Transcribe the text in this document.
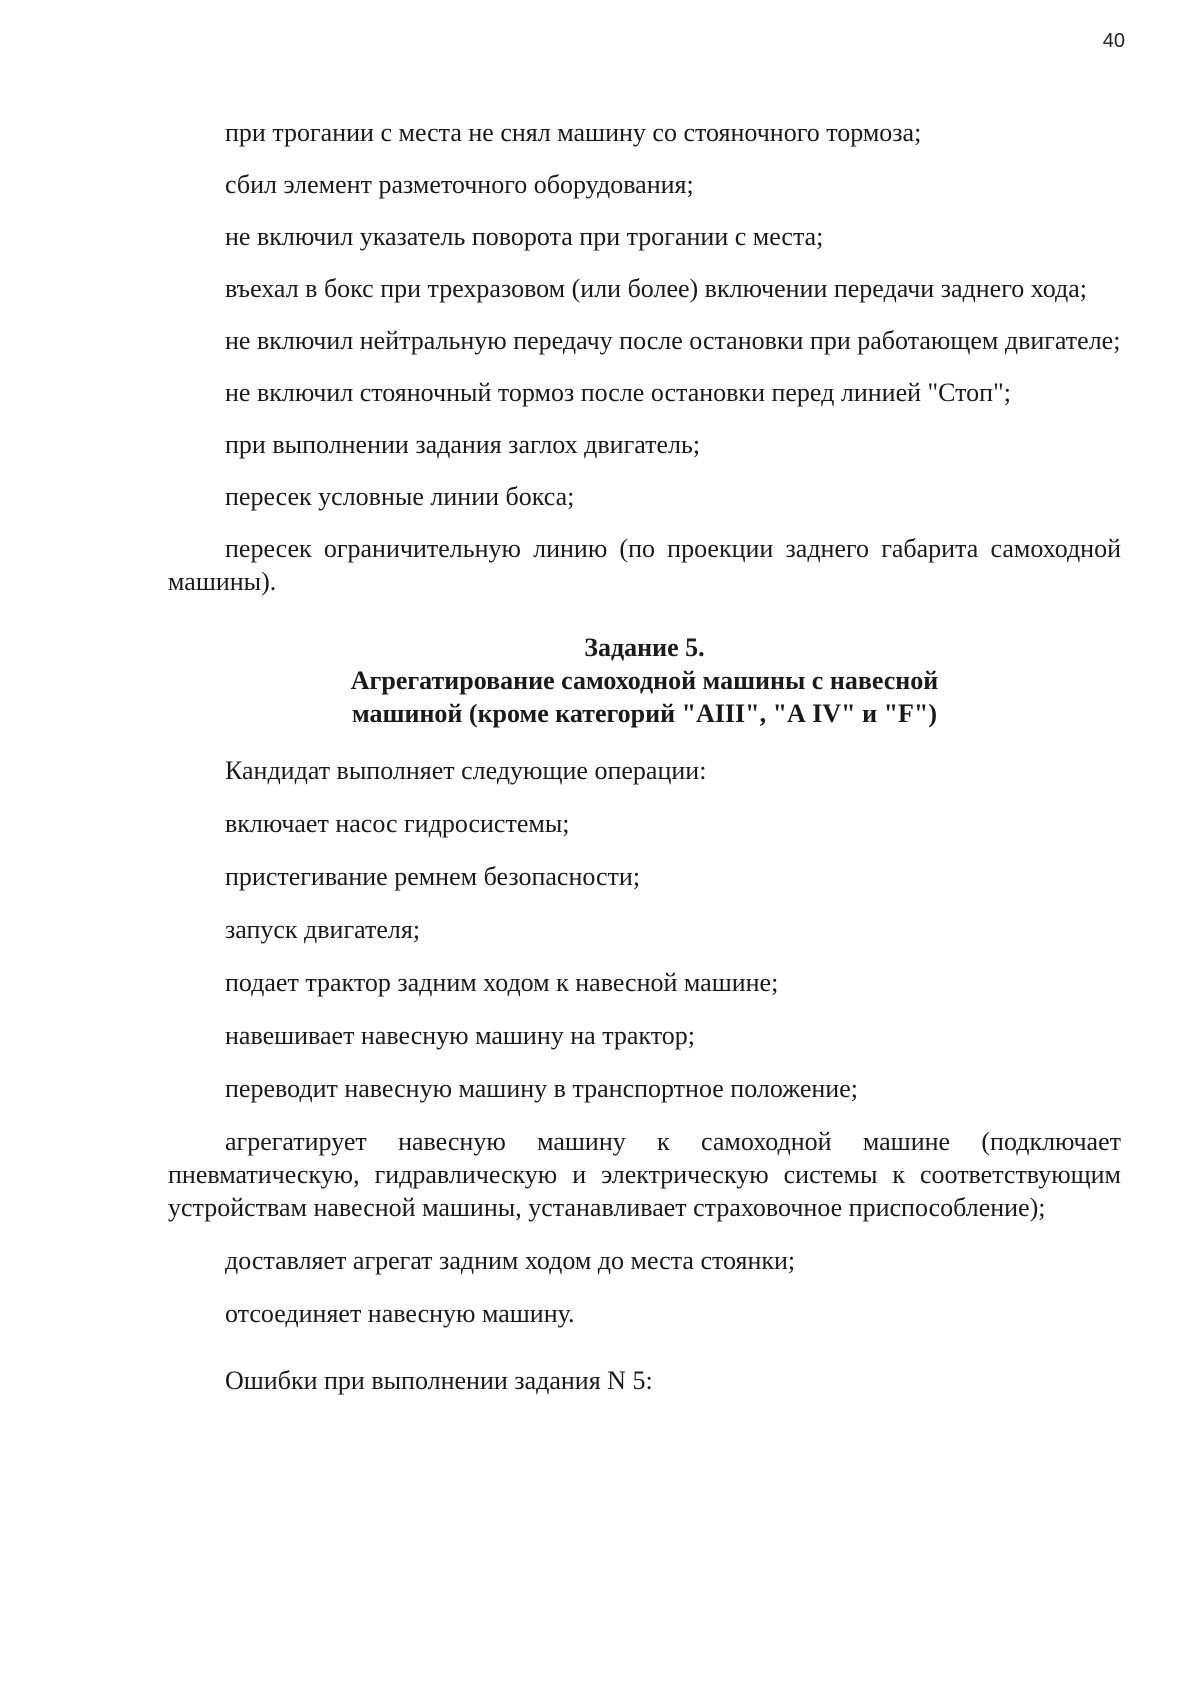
40

при трогании с места не снял машину со стояночного тормоза;

сбил элемент разметочного оборудования;

не включил указатель поворота при трогании с места;

въехал в бокс при трехразовом (или более) включении передачи заднего хода;

не включил нейтральную передачу после остановки при работающем двигателе;

не включил стояночный тормоз после остановки перед линией "Стоп";

при выполнении задания заглох двигатель;

пересек условные линии бокса;

пересек ограничительную линию (по проекции заднего габарита самоходной машины).

Задание 5.
Агрегатирование самоходной машины с навесной
машиной (кроме категорий "АIII", "А IV" и "F")

Кандидат выполняет следующие операции:

включает насос гидросистемы;

пристегивание ремнем безопасности;

запуск двигателя;

подает трактор задним ходом к навесной машине;

навешивает навесную машину на трактор;

переводит навесную машину в транспортное положение;

агрегатирует навесную машину к самоходной машине (подключает пневматическую, гидравлическую и электрическую системы к соответствующим устройствам навесной машины, устанавливает страховочное приспособление);

доставляет агрегат задним ходом до места стоянки;

отсоединяет навесную машину.

Ошибки при выполнении задания N 5:
